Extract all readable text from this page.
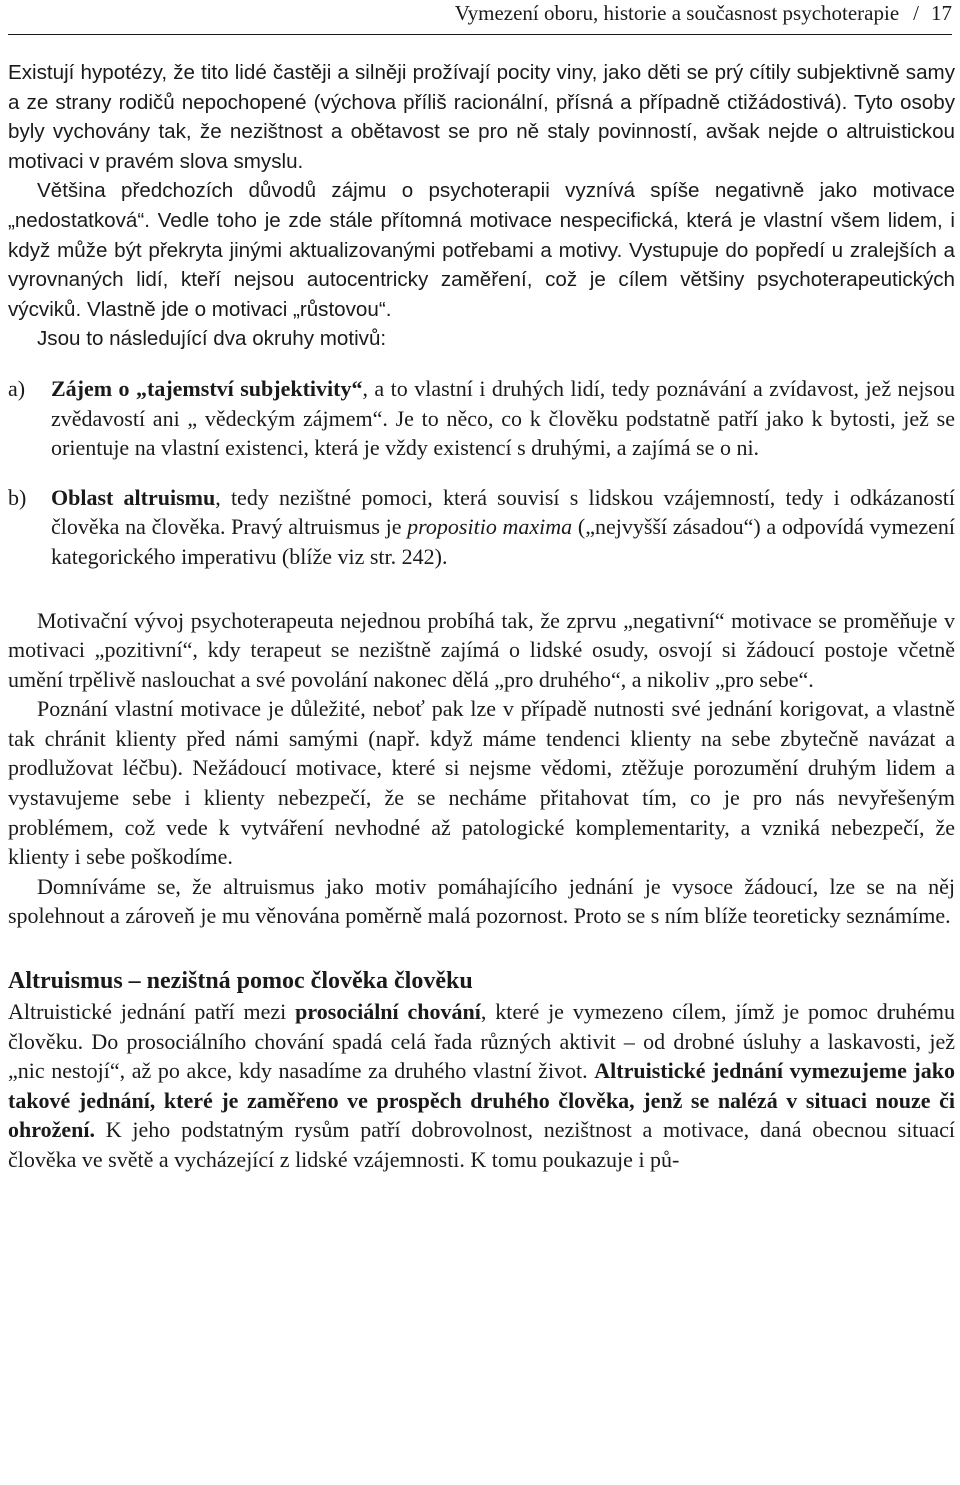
Vymezení oboru, historie a současnost psychoterapie / 17

Existují hypotézy, že tito lidé častěji a silněji prožívají pocity viny, jako děti se prý cítily subjektivně samy a ze strany rodičů nepochopené (výchova příliš racionální, přísná a případně ctižádostivá). Tyto osoby byly vychovány tak, že nezištnost a obětavost se pro ně staly povinností, avšak nejde o altruistickou motivaci v pravém slova smyslu.

Většina předchozích důvodů zájmu o psychoterapii vyznívá spíše negativně jako motivace „nedostatková“. Vedle toho je zde stále přítomná motivace nespecifická, která je vlastní všem lidem, i když může být překryta jinými aktualizovanými potřebami a motivy. Vystupuje do popředí u zralejších a vyrovnaných lidí, kteří nejsou autocentricky zaměření, což je cílem většiny psychoterapeutických výcviků. Vlastně jde o motivaci „růstovou“.

Jsou to následující dva okruhy motivů:

a) Zájem o „tajemství subjektivity“, a to vlastní i druhých lidí, tedy poznávání a zvídavost, jež nejsou zvědavostí ani „ vědeckým zájmem“. Je to něco, co k člověku podstatně patří jako k bytosti, jež se orientuje na vlastní existenci, která je vždy existencí s druhými, a zajímá se o ni.

b) Oblast altruismu, tedy nezištné pomoci, která souvisí s lidskou vzájemností, tedy i odkázaností člověka na člověka. Pravý altruismus je propositio maxima („nejvyšší zásadou“) a odpovídá vymezení kategorického imperativu (blíže viz str. 242).

Motivační vývoj psychoterapeuta nejednou probíhá tak, že zprvu „negativní“ motivace se proměňuje v motivaci „pozitivní“, kdy terapeut se nezištně zajímá o lidské osudy, osvojí si žádoucí postoje včetně umění trpělivě naslouchat a své povolání nakonec dělá „pro druhého“, a nikoliv „pro sebe“.

Poznání vlastní motivace je důležité, neboť pak lze v případě nutnosti své jednání korigovat, a vlastně tak chránit klienty před námi samými (např. když máme tendenci klienty na sebe zbytečně navázat a prodlužovat léčbu). Nežádoucí motivace, které si nejsme vědomi, ztěžuje porozumění druhým lidem a vystavujeme sebe i klienty nebezpečí, že se necháme přitahovat tím, co je pro nás nevyřešeným problémem, což vede k vytváření nevhodné až patologické komplementarity, a vzniká nebezpečí, že klienty i sebe poškodíme.

Domníváme se, že altruismus jako motiv pomáhajícího jednání je vysoce žádoucí, lze se na něj spolehnout a zároveň je mu věnována poměrně malá pozornost. Proto se s ním blíže teoreticky seznámíme.

Altruismus – nezištná pomoc člověka člověku

Altruistické jednání patří mezi prosociální chování, které je vymezeno cílem, jímž je pomoc druhému člověku. Do prosociálního chování spadá celá řada různých aktivit – od drobné úsluhy a laskavosti, jež „nic nestojí“, až po akce, kdy nasadíme za druhého vlastní život. Altruistické jednání vymezujeme jako takové jednání, které je zaměřeno ve prospěch druhého člověka, jenž se nalézá v situaci nouze či ohrožení. K jeho podstatným rysům patří dobrovolnost, nezištnost a motivace, daná obecnou situací člověka ve světě a vycházející z lidské vzájemnosti. K tomu poukazuje i pů-
